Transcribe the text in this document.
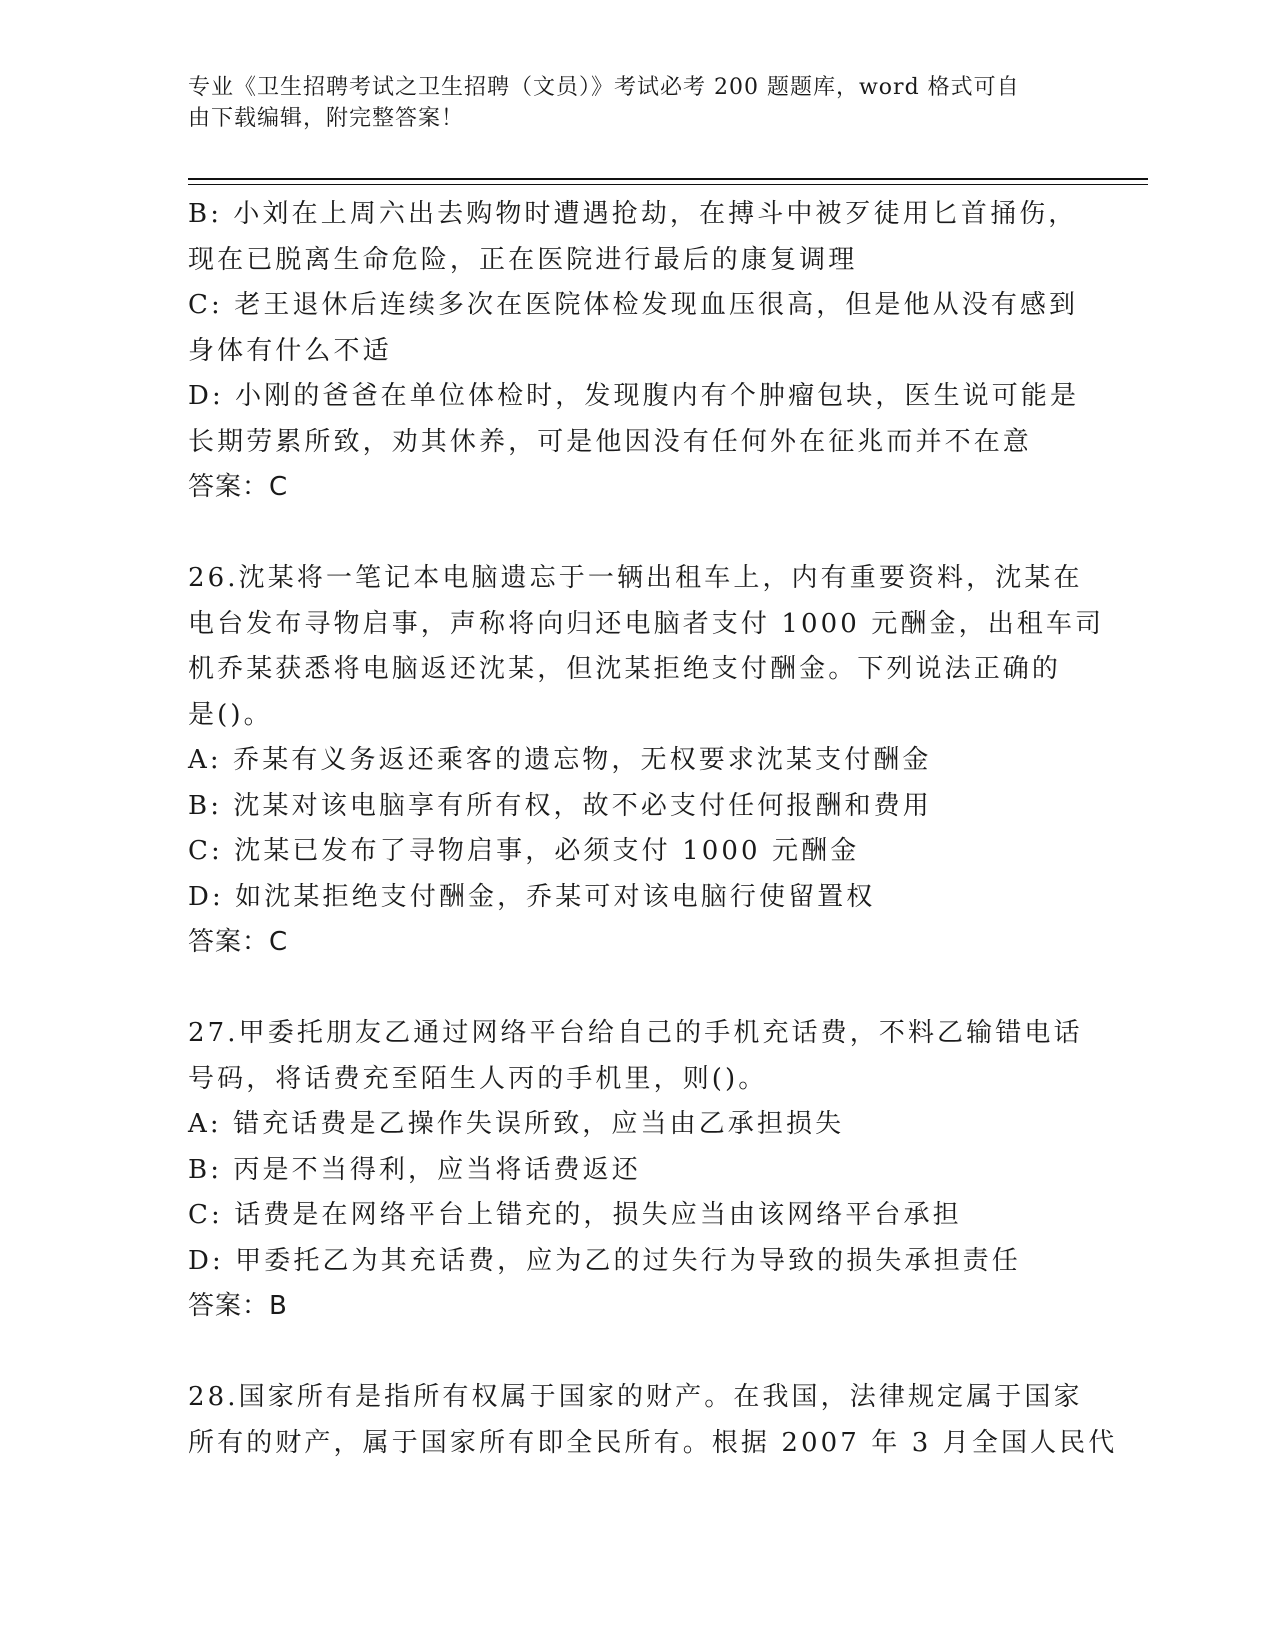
专业《卫生招聘考试之卫生招聘（文员）》考试必考 200 题题库，word 格式可自
由下载编辑，附完整答案！
B: 小刘在上周六出去购物时遭遇抢劫，在搏斗中被歹徒用匕首捅伤，
现在已脱离生命危险，正在医院进行最后的康复调理
C: 老王退休后连续多次在医院体检发现血压很高，但是他从没有感到
身体有什么不适
D: 小刚的爸爸在单位体检时，发现腹内有个肿瘤包块，医生说可能是
长期劳累所致，劝其休养，可是他因没有任何外在征兆而并不在意
答案：C
26.沈某将一笔记本电脑遗忘于一辆出租车上，内有重要资料，沈某在
电台发布寻物启事，声称将向归还电脑者支付 1000 元酬金，出租车司
机乔某获悉将电脑返还沈某，但沈某拒绝支付酬金。下列说法正确的
是()。
A: 乔某有义务返还乘客的遗忘物，无权要求沈某支付酬金
B: 沈某对该电脑享有所有权，故不必支付任何报酬和费用
C: 沈某已发布了寻物启事，必须支付 1000 元酬金
D: 如沈某拒绝支付酬金，乔某可对该电脑行使留置权
答案：C
27.甲委托朋友乙通过网络平台给自己的手机充话费，不料乙输错电话
号码，将话费充至陌生人丙的手机里，则()。
A: 错充话费是乙操作失误所致，应当由乙承担损失
B: 丙是不当得利，应当将话费返还
C: 话费是在网络平台上错充的，损失应当由该网络平台承担
D: 甲委托乙为其充话费，应为乙的过失行为导致的损失承担责任
答案：B
28.国家所有是指所有权属于国家的财产。在我国，法律规定属于国家
所有的财产，属于国家所有即全民所有。根据 2007 年 3 月全国人民代
